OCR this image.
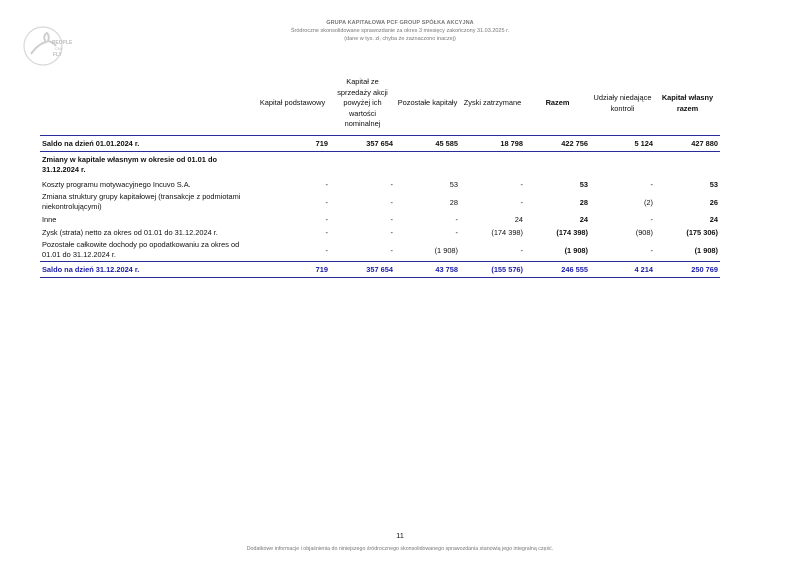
PEOPLE
CAN
FLY
GRUPA KAPITAŁOWA PCF GROUP SPÓŁKA AKCYJNA
Śródroczne skonsolidowane sprawozdanie za okres 3 miesięcy zakończony 31.03.2025 r.
(dane w tys. zł, chyba że zaznaczono inaczej)
	Kapitał podstawowy	Kapitał ze sprzedaży akcji powyżej ich wartości nominalnej	Pozostałe kapitały	Zyski zatrzymane	Razem	Udziały niedające kontroli	Kapitał własny razem
Saldo na dzień 01.01.2024 r.	719	357 654	45 585	18 798	422 756	5 124	427 880
Zmiany w kapitale własnym w okresie od 01.01 do 31.12.2024 r.							
Koszty programu motywacyjnego Incuvo S.A.	-	-	53	-	53	-	53
Zmiana struktury grupy kapitałowej (transakcje z podmiotami niekontrolującymi)	-	-	28	-	28	(2)	26
Inne	-	-	-	24	24	-	24
Zysk (strata) netto za okres od 01.01 do 31.12.2024 r.	-	-	-	(174 398)	(174 398)	(908)	(175 306)
Pozostałe całkowite dochody po opodatkowaniu za okres od 01.01 do 31.12.2024 r.	-	-	(1 908)	-	(1 908)	-	(1 908)
Saldo na dzień 31.12.2024 r.	719	357 654	43 758	(155 576)	246 555	4 214	250 769
11
Dodatkowe informacje i objaśnienia do niniejszego śródrocznego skonsolidowanego sprawozdania stanowią jego integralną część.
